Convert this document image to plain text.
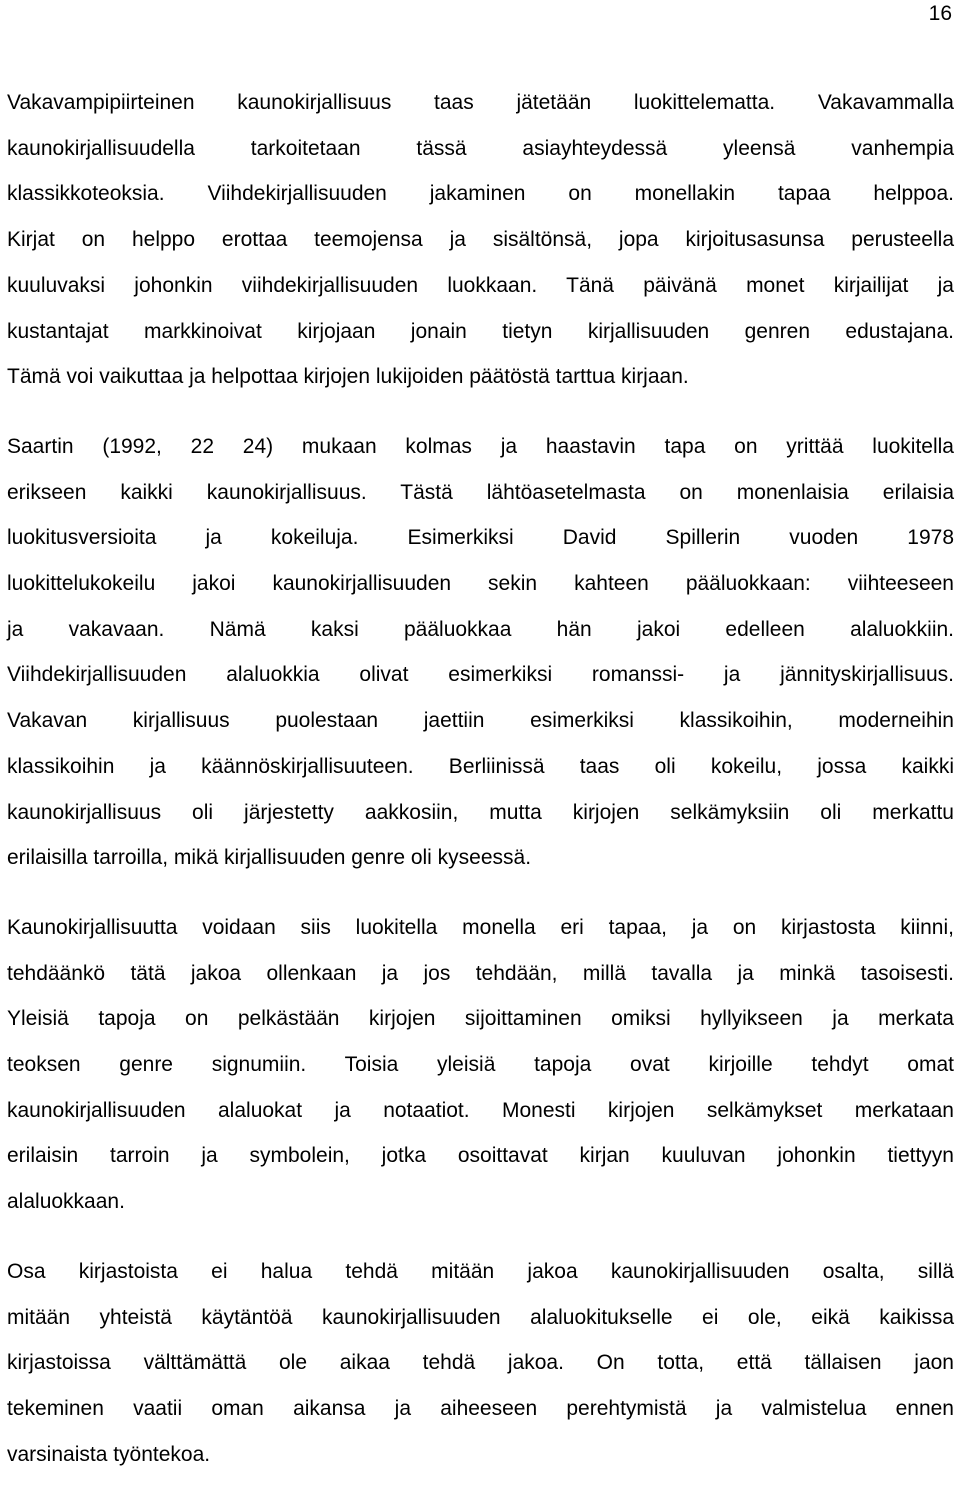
16
Vakavampipiirteinen kaunokirjallisuus taas jätetään luokittelematta. Vakavammalla
kaunokirjallisuudella tarkoitetaan tässä asiayhteydessä yleensä vanhempia
klassikkoteoksia. Viihdekirjallisuuden jakaminen on monellakin tapaa helppoa.
Kirjat on helppo erottaa teemojensa ja sisältönsä, jopa kirjoitusasunsa perusteella
kuuluvaksi johonkin viihdekirjallisuuden luokkaan. Tänä päivänä monet kirjailijat ja
kustantajat markkinoivat kirjojaan jonain tietyn kirjallisuuden genren edustajana.
Tämä voi vaikuttaa ja helpottaa kirjojen lukijoiden päätöstä tarttua kirjaan.
Saartin (1992, 22 24) mukaan kolmas ja haastavin tapa on yrittää luokitella
erikseen kaikki kaunokirjallisuus. Tästä lähtöasetelmasta on monenlaisia erilaisia
luokitusversioita ja kokeiluja. Esimerkiksi David Spillerin vuoden 1978
luokittelukokeilu jakoi kaunokirjallisuuden sekin kahteen pääluokkaan: viihteeseen
ja vakavaan. Nämä kaksi pääluokkaa hän jakoi edelleen alaluokkiin.
Viihdekirjallisuuden alaluokkia olivat esimerkiksi romanssi- ja jännityskirjallisuus.
Vakavan kirjallisuus puolestaan jaettiin esimerkiksi klassikoihin, moderneihin
klassikoihin ja käännöskirjallisuuteen. Berliinissä taas oli kokeilu, jossa kaikki
kaunokirjallisuus oli järjestetty aakkosiin, mutta kirjojen selkämyksiin oli merkattu
erilaisilla tarroilla, mikä kirjallisuuden genre oli kyseessä.
Kaunokirjallisuutta voidaan siis luokitella monella eri tapaa, ja on kirjastosta kiinni,
tehdäänkö tätä jakoa ollenkaan ja jos tehdään, millä tavalla ja minkä tasoisesti.
Yleisiä tapoja on pelkästään kirjojen sijoittaminen omiksi hyllyikseen ja merkata
teoksen genre signumiin. Toisia yleisiä tapoja ovat kirjoille tehdyt omat
kaunokirjallisuuden alaluokat ja notaatiot. Monesti kirjojen selkämykset merkataan
erilaisin tarroin ja symbolein, jotka osoittavat kirjan kuuluvan johonkin tiettyyn
alaluokkaan.
Osa kirjastoista ei halua tehdä mitään jakoa kaunokirjallisuuden osalta, sillä
mitään yhteistä käytäntöä kaunokirjallisuuden alaluokitukselle ei ole, eikä kaikissa
kirjastoissa välttämättä ole aikaa tehdä jakoa. On totta, että tällaisen jaon
tekeminen vaatii oman aikansa ja aiheeseen perehtymistä ja valmistelua ennen
varsinaista työntekoa.
